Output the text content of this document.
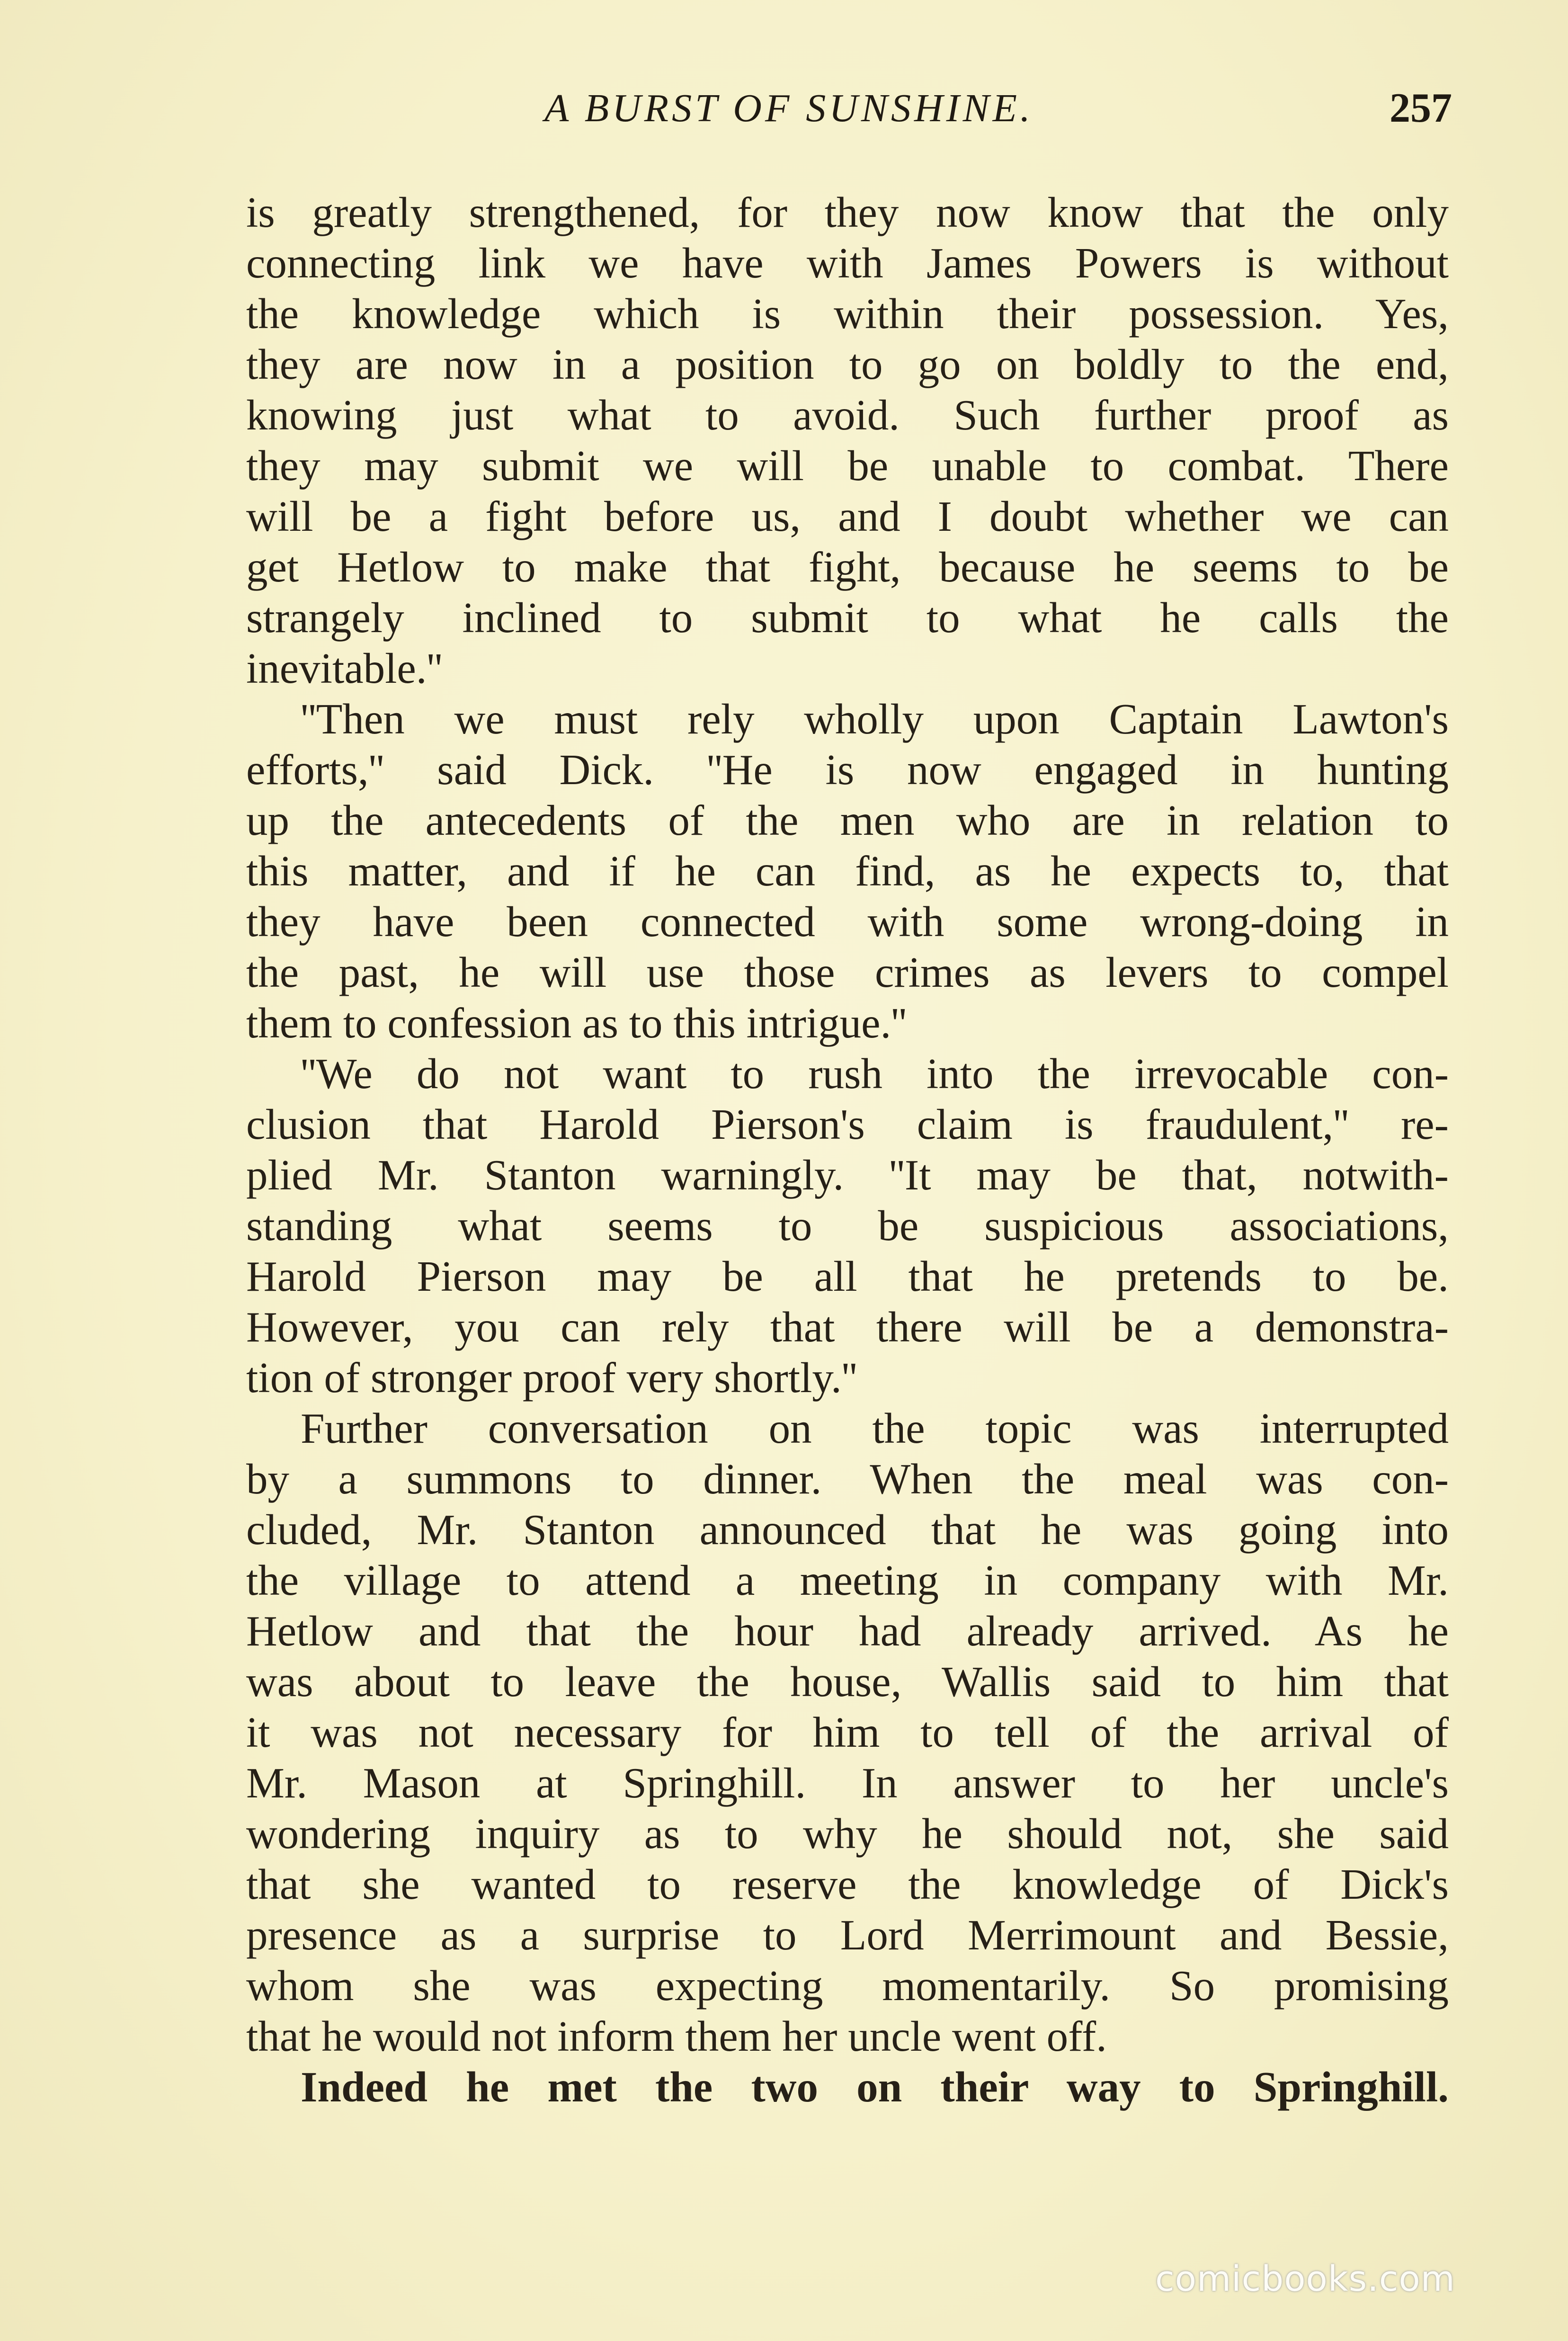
A BURST OF SUNSHINE.	257
is greatly strengthened, for they now know that the only
connecting link we have with James Powers is without
the knowledge which is within their possession. Yes,
they are now in a position to go on boldly to the end,
knowing just what to avoid. Such further proof as
they may submit we will be unable to combat. There
will be a fight before us, and I doubt whether we can
get Hetlow to make that fight, because he seems to be
strangely inclined to submit to what he calls the
inevitable.''
''Then we must rely wholly upon Captain Lawton's
efforts,'' said Dick. ''He is now engaged in hunting
up the antecedents of the men who are in relation to
this matter, and if he can find, as he expects to, that
they have been connected with some wrong-doing in
the past, he will use those crimes as levers to compel
them to confession as to this intrigue.''
''We do not want to rush into the irrevocable con-
clusion that Harold Pierson's claim is fraudulent,'' re-
plied Mr. Stanton warningly. ''It may be that, notwith-
standing what seems to be suspicious associations,
Harold Pierson may be all that he pretends to be.
However, you can rely that there will be a demonstra-
tion of stronger proof very shortly.''
Further conversation on the topic was interrupted
by a summons to dinner. When the meal was con-
cluded, Mr. Stanton announced that he was going into
the village to attend a meeting in company with Mr.
Hetlow and that the hour had already arrived. As he
was about to leave the house, Wallis said to him that
it was not necessary for him to tell of the arrival of
Mr. Mason at Springhill. In answer to her uncle's
wondering inquiry as to why he should not, she said
that she wanted to reserve the knowledge of Dick's
presence as a surprise to Lord Merrimount and Bessie,
whom she was expecting momentarily. So promising
that he would not inform them her uncle went off.
Indeed he met the two on their way to Springhill.
comicbooks.com
